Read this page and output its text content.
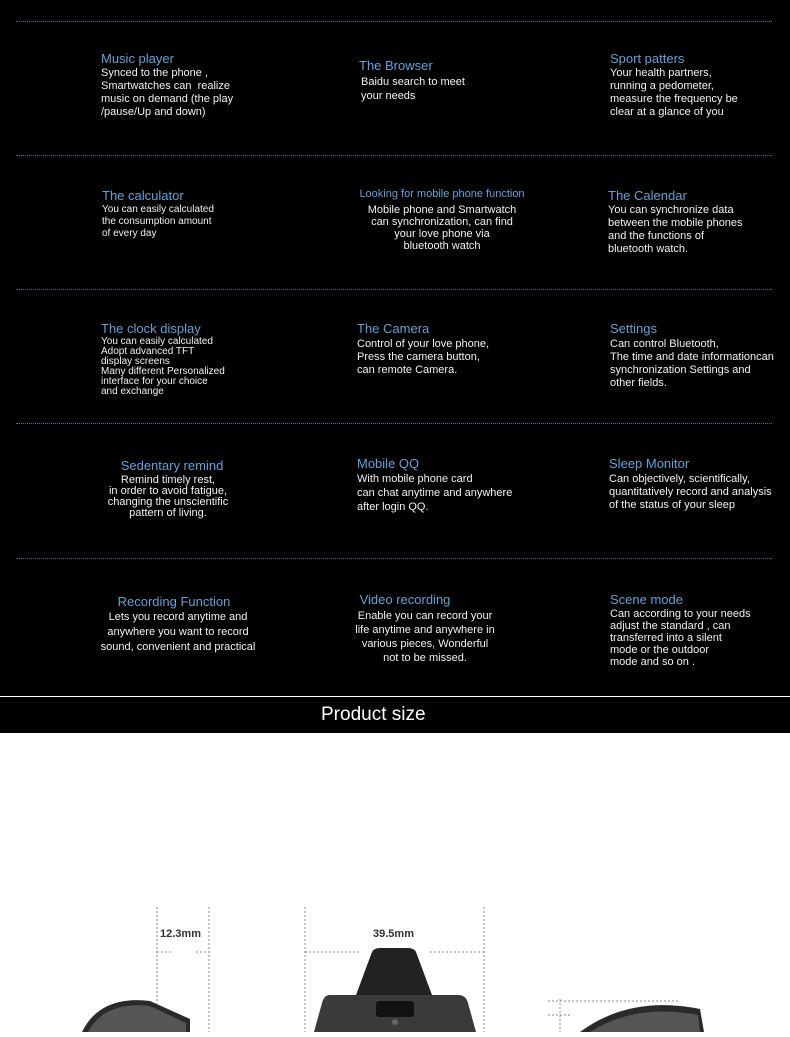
Music player
Synced to the phone ,
Smartwatches can  realize
music on demand (the play
/pause/Up and down)
The Browser
Baidu search to meet
your needs
Sport patters
Your health partners,
running a pedometer,
measure the frequency be
clear at a glance of you
The calculator
You can easily calculated
the consumption amount
of every day
Looking for mobile phone function
Mobile phone and Smartwatch
can synchronization, can find
your love phone via
bluetooth watch
The Calendar
You can synchronize data
between the mobile phones
and the functions of
bluetooth watch.
The clock display
You can easily calculated
Adopt advanced TFT
display screens
Many different Personalized
interface for your choice
and exchange
The Camera
Control of your love phone,
Press the camera button,
can remote Camera.
Settings
Can control Bluetooth,
The time and date informationcan
synchronization Settings and
other fields.
Sedentary remind
Remind timely rest,
in order to avoid fatigue,
changing the unscientific
pattern of living.
Mobile QQ
With mobile phone card
can chat anytime and anywhere
after login QQ.
Sleep Monitor
Can objectively, scientifically,
quantitatively record and analysis
of the status of your sleep
Recording Function
Lets you record anytime and
anywhere you want to record
sound, convenient and practical
Video recording
Enable you can record your
life anytime and anywhere in
various pieces, Wonderful
not to be missed.
Scene mode
Can according to your needs
adjust the standard , can
transferred into a silent
mode or the outdoor
mode and so on .
Product size
12.3mm	39.5mm
